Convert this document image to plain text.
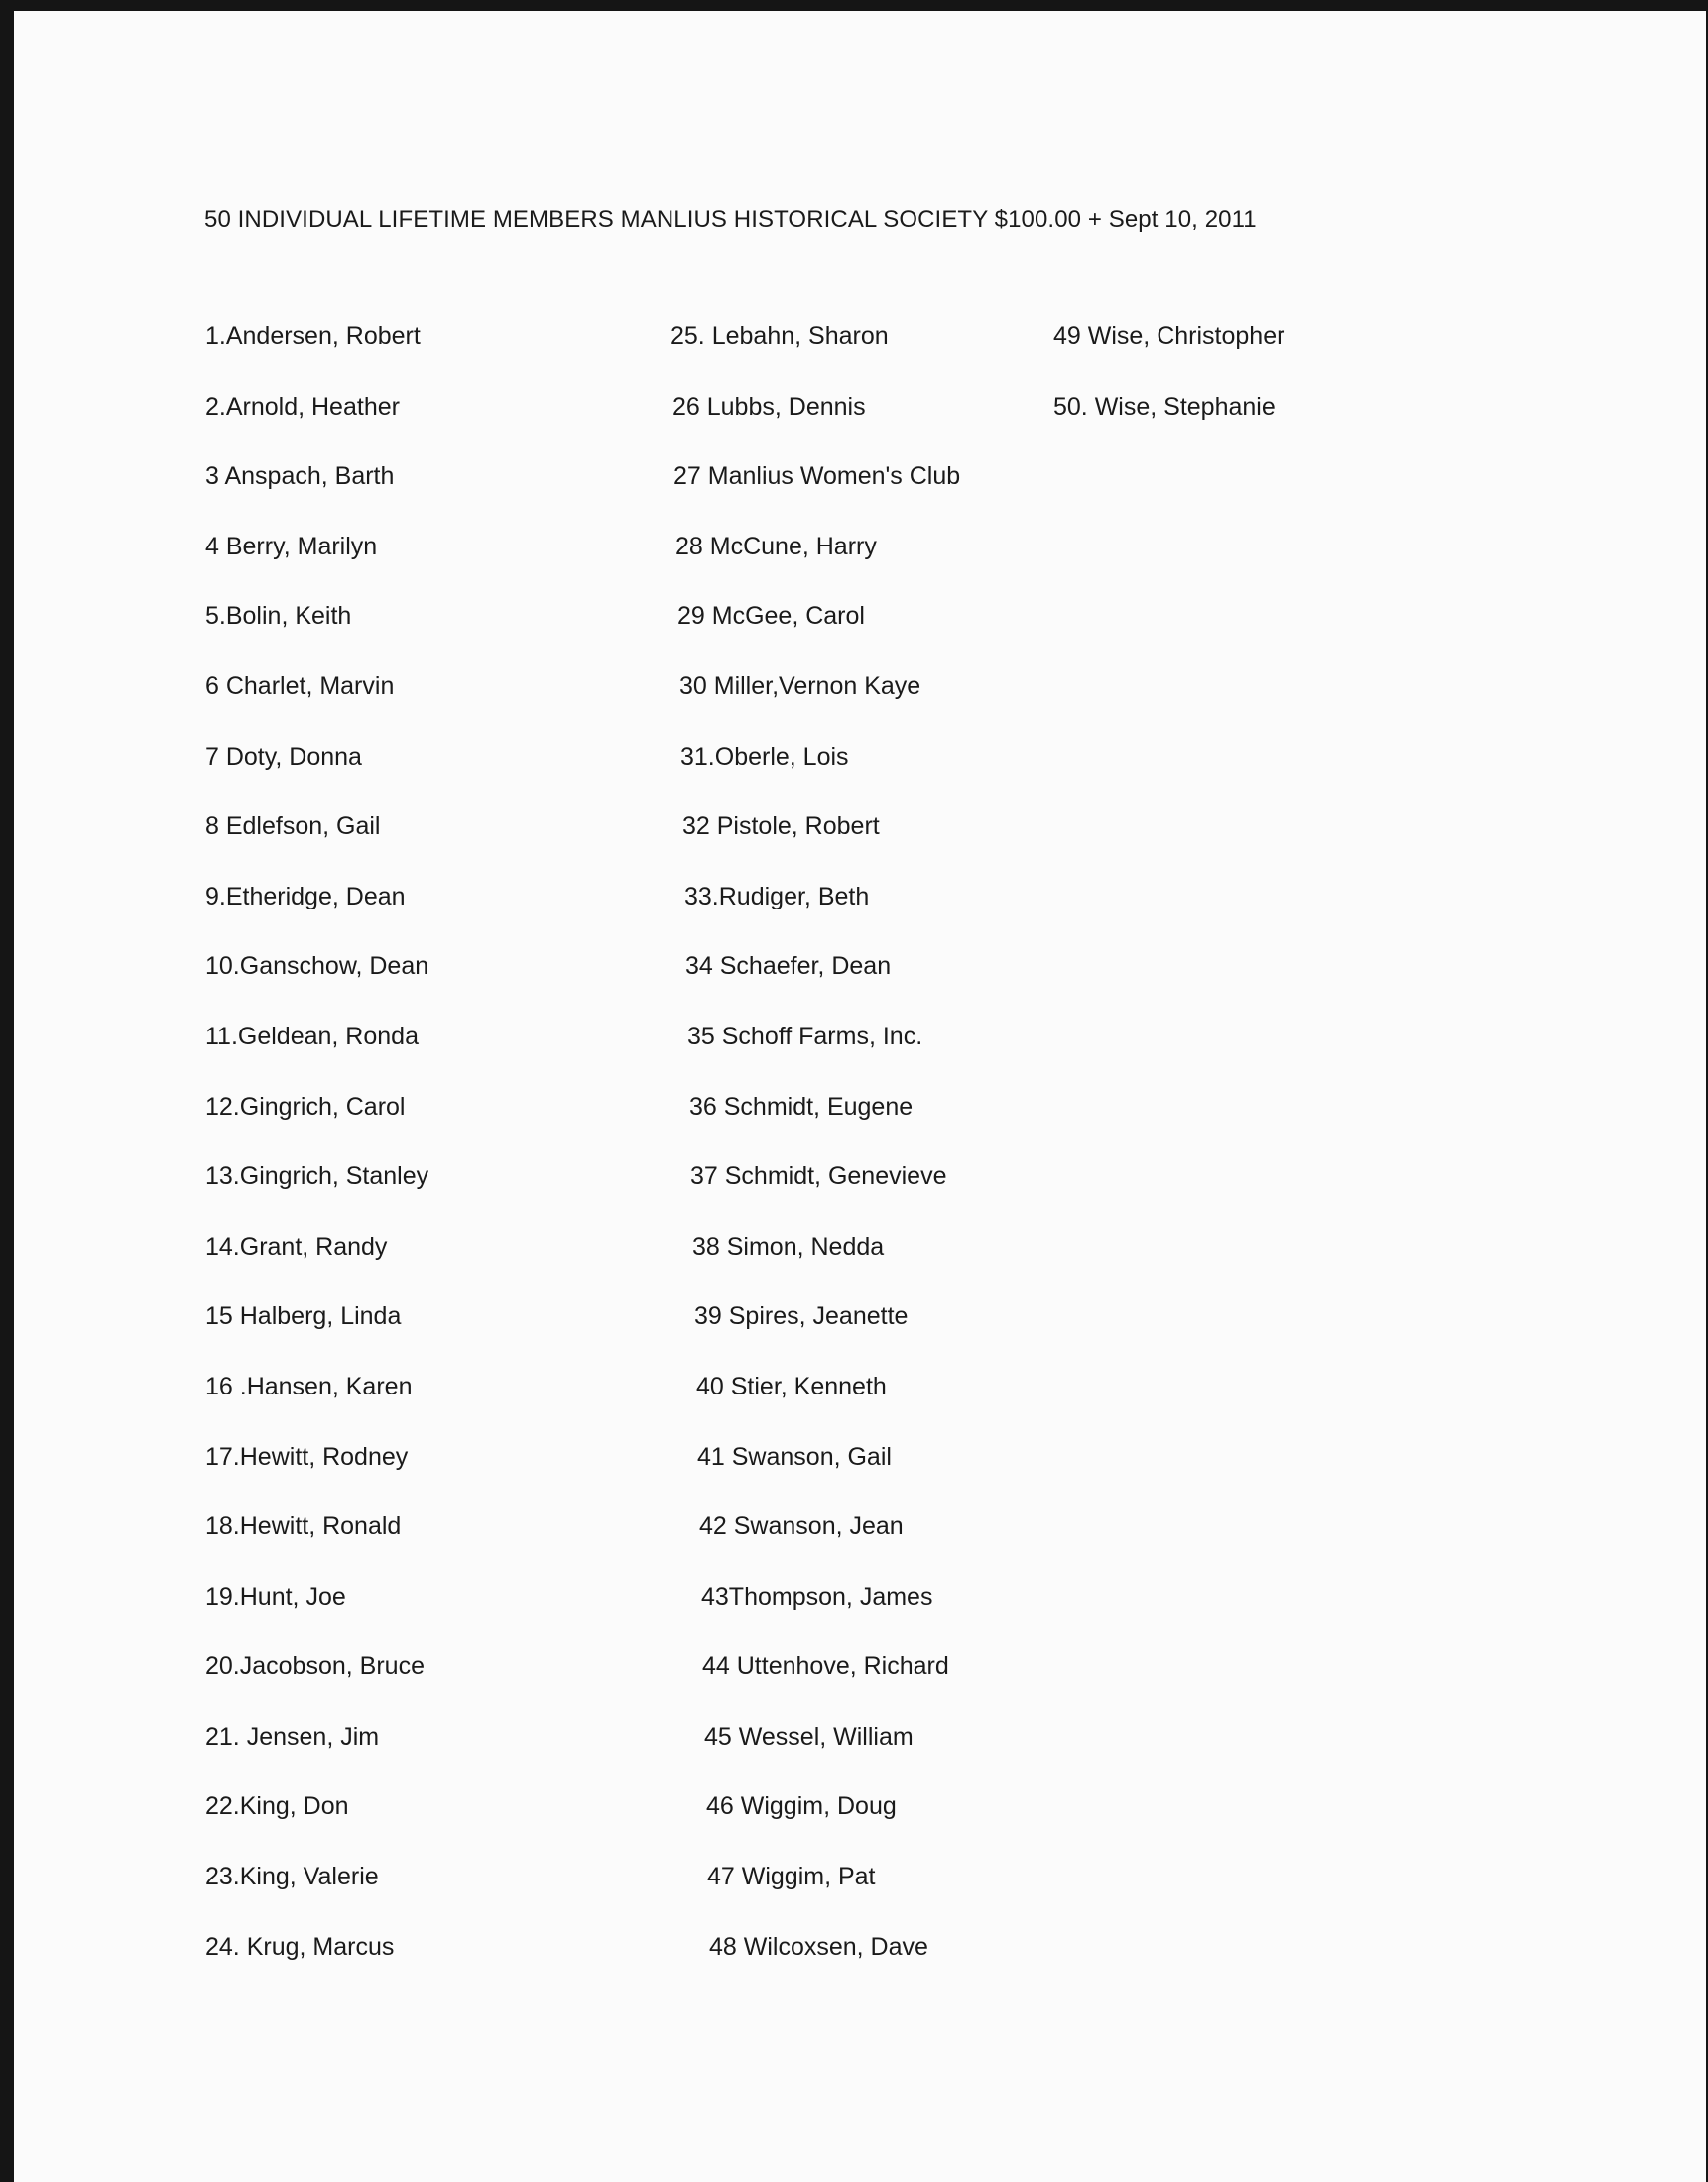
50 INDIVIDUAL LIFETIME MEMBERS MANLIUS HISTORICAL SOCIETY $100.00 + Sept 10, 2011
1.Andersen, Robert
2.Arnold, Heather
3 Anspach, Barth
4 Berry, Marilyn
5.Bolin, Keith
6 Charlet, Marvin
7 Doty, Donna
8 Edlefson, Gail
9.Etheridge, Dean
10.Ganschow, Dean
11.Geldean, Ronda
12.Gingrich, Carol
13.Gingrich, Stanley
14.Grant, Randy
15 Halberg, Linda
16 .Hansen, Karen
17.Hewitt, Rodney
18.Hewitt, Ronald
19.Hunt, Joe
20.Jacobson, Bruce
21. Jensen, Jim
22.King, Don
23.King, Valerie
24. Krug, Marcus
25. Lebahn, Sharon
26 Lubbs, Dennis
27 Manlius Women's Club
28 McCune, Harry
29 McGee, Carol
30 Miller,Vernon Kaye
31.Oberle, Lois
32 Pistole, Robert
33.Rudiger, Beth
34 Schaefer, Dean
35 Schoff Farms, Inc.
36 Schmidt, Eugene
37 Schmidt, Genevieve
38 Simon, Nedda
39 Spires, Jeanette
40 Stier, Kenneth
41 Swanson, Gail
42 Swanson, Jean
43Thompson, James
44 Uttenhove, Richard
45 Wessel, William
46 Wiggim, Doug
47 Wiggim, Pat
48 Wilcoxsen, Dave
49 Wise, Christopher
50. Wise, Stephanie
